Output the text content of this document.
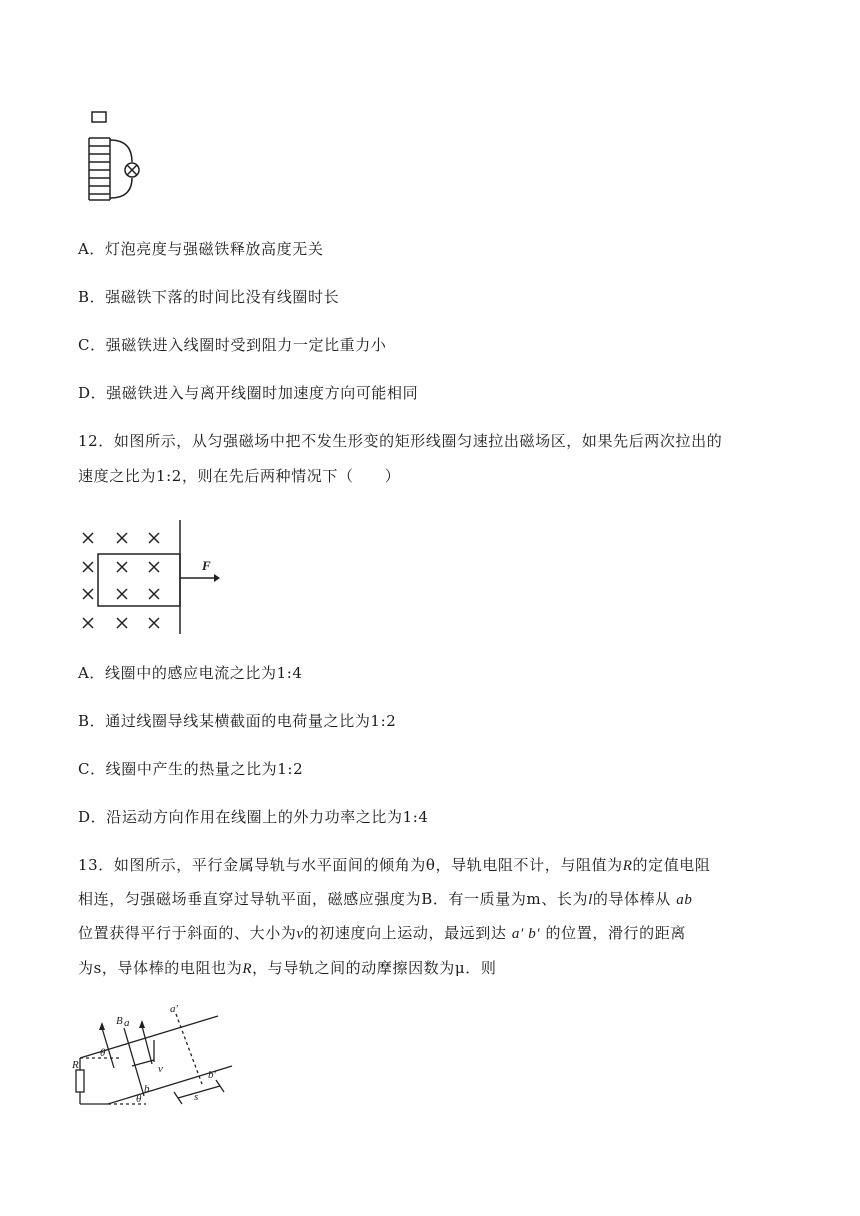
A．灯泡亮度与强磁铁释放高度无关
B．强磁铁下落的时间比没有线圈时长
C．强磁铁进入线圈时受到阻力一定比重力小
D．强磁铁进入与离开线圈时加速度方向可能相同
12．如图所示，从匀强磁场中把不发生形变的矩形线圈匀速拉出磁场区，如果先后两次拉出的
速度之比为1:2，则在先后两种情况下（　　）
F
A．线圈中的感应电流之比为1:4
B．通过线圈导线某横截面的电荷量之比为1:2
C．线圈中产生的热量之比为1:2
D．沿运动方向作用在线圈上的外力功率之比为1:4
13．如图所示，平行金属导轨与水平面间的倾角为θ，导轨电阻不计，与阻值为R的定值电阻
相连，匀强磁场垂直穿过导轨平面，磁感应强度为B．有一质量为m、长为l的导体棒从 ab
位置获得平行于斜面的、大小为v的初速度向上运动，最远到达 a′ b′ 的位置，滑行的距离
为s，导体棒的电阻也为R，与导轨之间的动摩擦因数为μ．则
B a
a′
θ
v	b′
R
θ
b
s
